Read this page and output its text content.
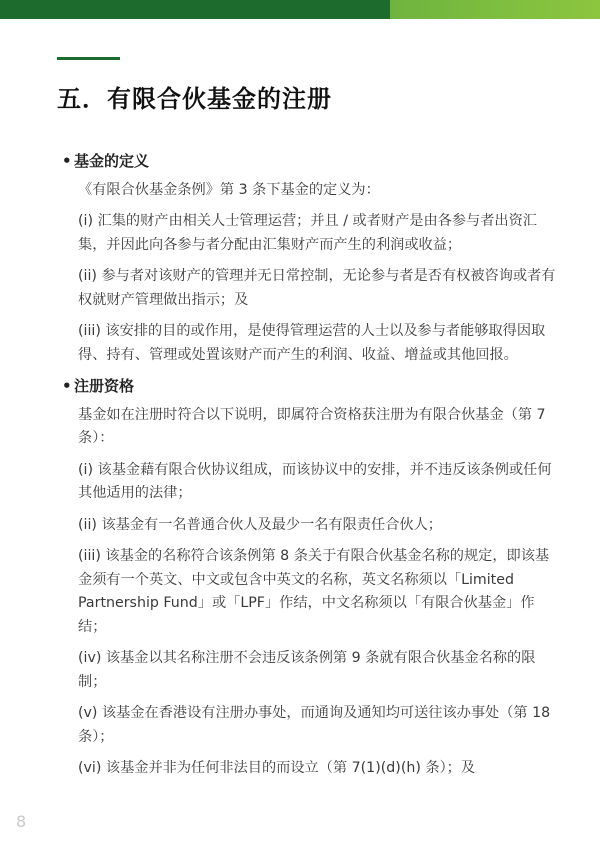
五．有限合伙基金的注册
• 基金的定义

《有限合伙基金条例》第 3 条下基金的定义为：

(i) 汇集的财产由相关人士管理运营；并且 / 或者财产是由各参与者出资汇集，并因此向各参与者分配由汇集财产而产生的利润或收益；

(ii) 参与者对该财产的管理并无日常控制，无论参与者是否有权被咨询或者有权就财产管理做出指示；及

(iii) 该安排的目的或作用，是使得管理运营的人士以及参与者能够取得因取得、持有、管理或处置该财产而产生的利润、收益、增益或其他回报。

• 注册资格

基金如在注册时符合以下说明，即属符合资格获注册为有限合伙基金（第 7 条）：

(i) 该基金藉有限合伙协议组成，而该协议中的安排，并不违反该条例或任何其他适用的法律；

(ii) 该基金有一名普通合伙人及最少一名有限责任合伙人；

(iii) 该基金的名称符合该条例第 8 条关于有限合伙基金名称的规定，即该基金须有一个英文、中文或包含中英文的名称，英文名称须以「Limited Partnership Fund」或「LPF」作结，中文名称须以「有限合伙基金」作结；

(iv) 该基金以其名称注册不会违反该条例第 9 条就有限合伙基金名称的限制；

(v) 该基金在香港设有注册办事处，而通询及通知均可送往该办事处（第 18 条）；

(vi) 该基金并非为任何非法目的而设立（第 7(1)(d)(h) 条）；及

8
